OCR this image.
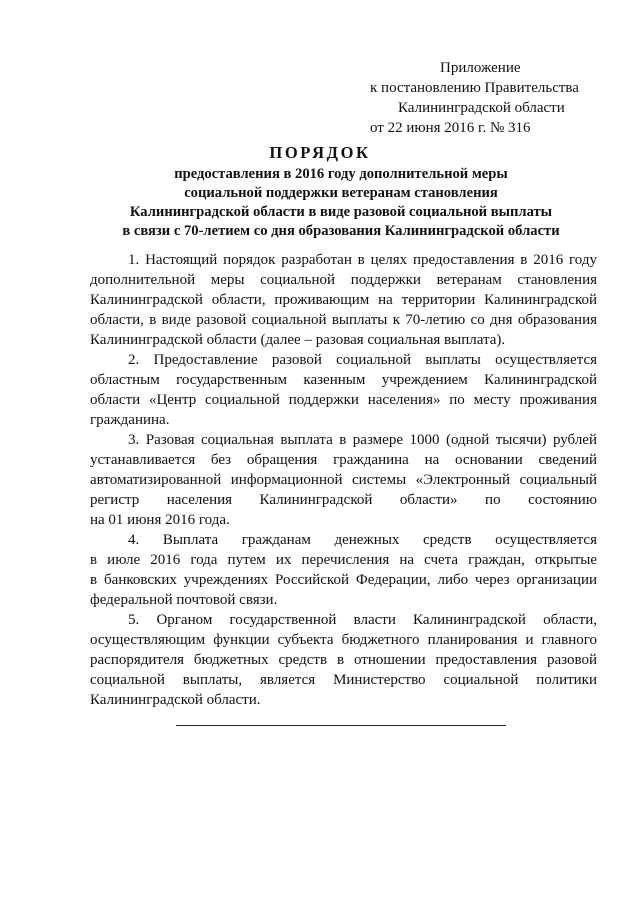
Приложение
к постановлению Правительства
Калининградской области
от 22 июня 2016 г. № 316
ПОРЯДОК
предоставления в 2016 году дополнительной меры
социальной поддержки ветеранам становления
Калининградской области в виде разовой социальной выплаты
в связи с 70-летием со дня образования Калининградской области
1. Настоящий порядок разработан в целях предоставления в 2016 году
дополнительной меры социальной поддержки ветеранам становления
Калининградской области, проживающим на территории Калининградской
области, в виде разовой социальной выплаты к 70-летию со дня образования
Калининградской области (далее – разовая социальная выплата).
2. Предоставление разовой социальной выплаты осуществляется
областным государственным казенным учреждением Калининградской
области «Центр социальной поддержки населения» по месту проживания
гражданина.
3. Разовая социальная выплата в размере 1000 (одной тысячи) рублей
устанавливается без обращения гражданина на основании сведений
автоматизированной информационной системы «Электронный социальный
регистр населения Калининградской области» по состоянию
на 01 июня 2016 года.
4. Выплата гражданам денежных средств осуществляется
в июле 2016 года путем их перечисления на счета граждан, открытые
в банковских учреждениях Российской Федерации, либо через организации
федеральной почтовой связи.
5. Органом государственной власти Калининградской области,
осуществляющим функции субъекта бюджетного планирования и главного
распорядителя бюджетных средств в отношении предоставления разовой
социальной выплаты, является Министерство социальной политики
Калининградской области.
